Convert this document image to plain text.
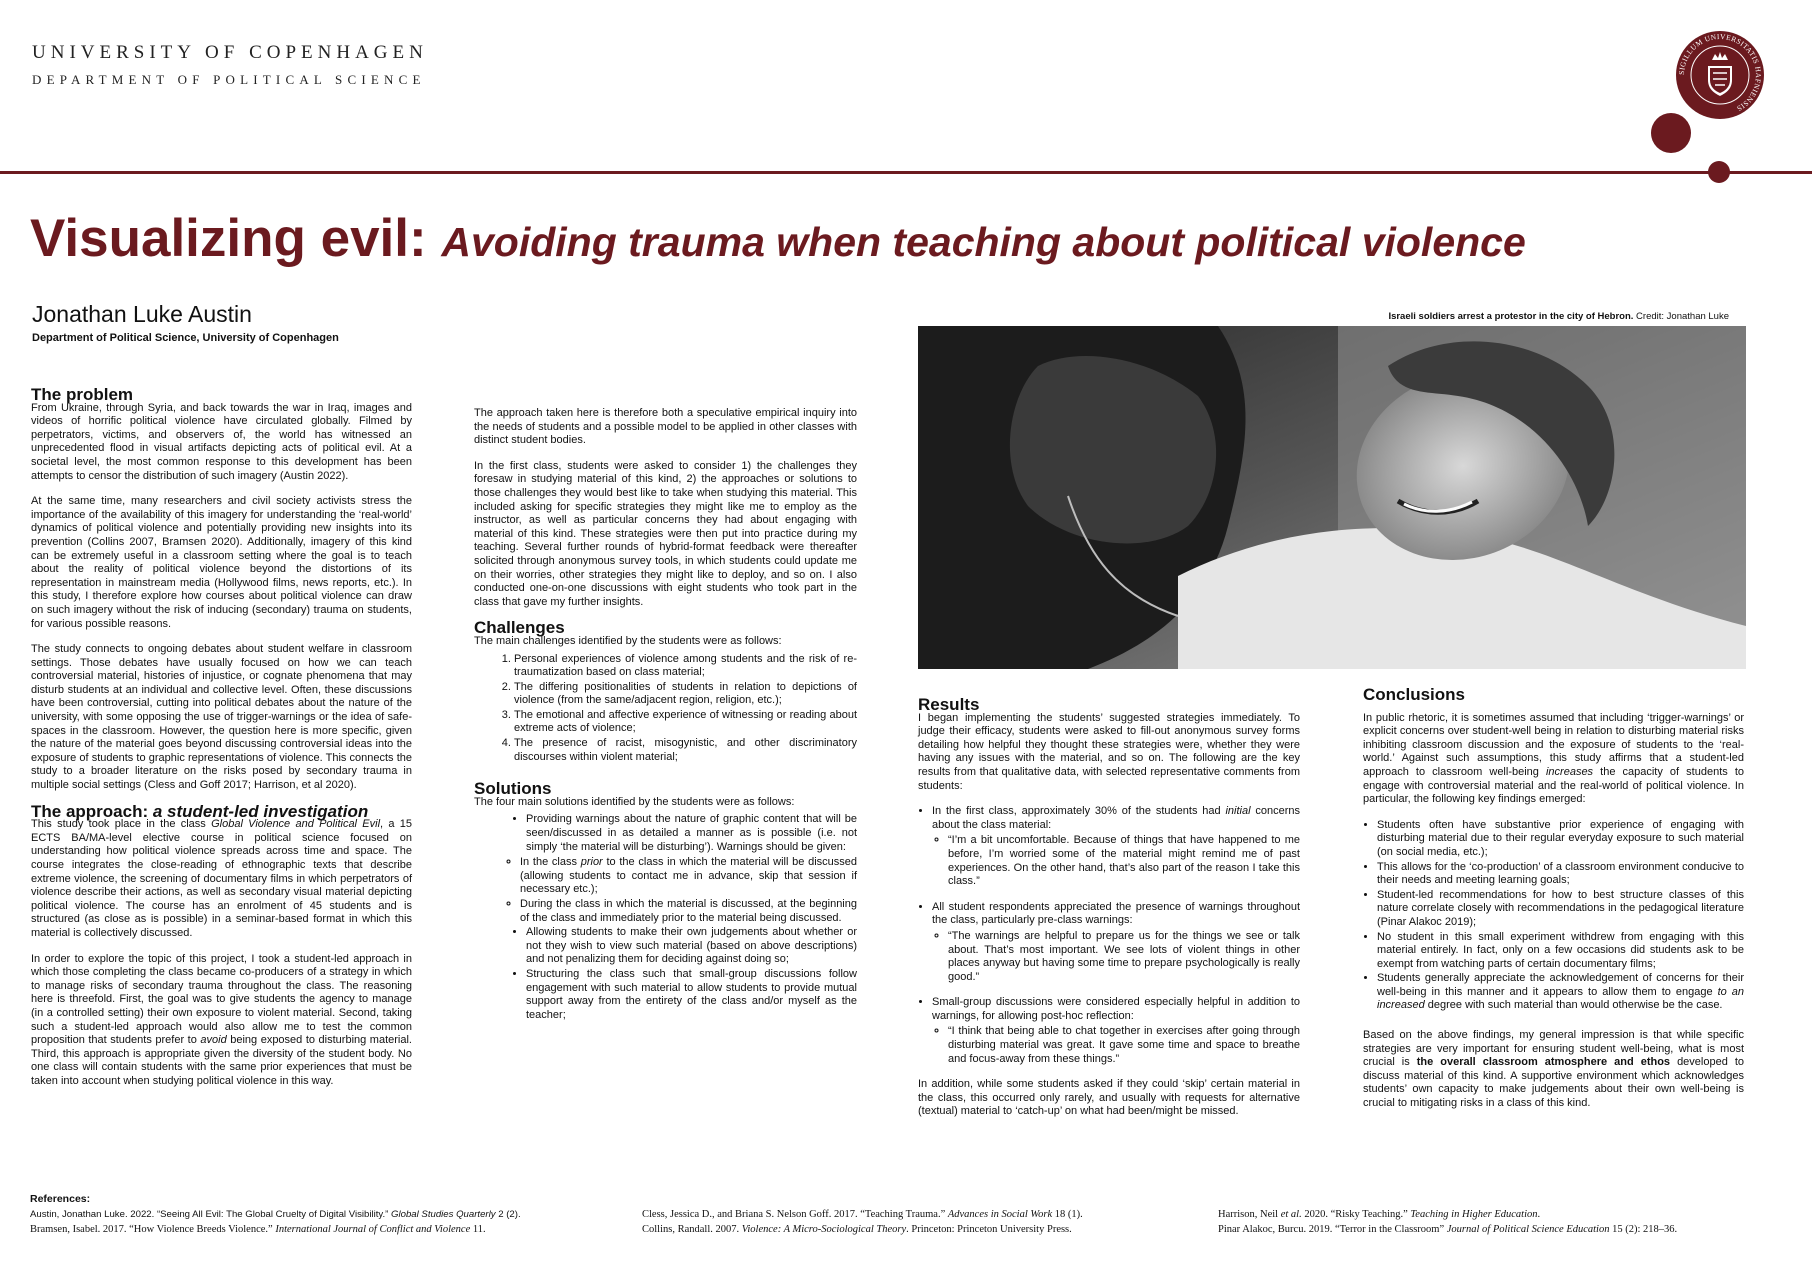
UNIVERSITY OF COPENHAGEN
DEPARTMENT OF POLITICAL SCIENCE	SIGILLUM UNIVERSITATIS HAFNIENSIS
Visualizing evil: Avoiding trauma when teaching about political violence
Jonathan Luke Austin
Department of Political Science, University of Copenhagen
Israeli soldiers arrest a protestor in the city of Hebron. Credit: Jonathan Luke
The problem

From Ukraine, through Syria, and back towards the war in Iraq, images and videos of horrific political violence have circulated globally. Filmed by perpetrators, victims, and observers of, the world has witnessed an unprecedented flood in visual artifacts depicting acts of political evil. At a societal level, the most common response to this development has been attempts to censor the distribution of such imagery (Austin 2022).

At the same time, many researchers and civil society activists stress the importance of the availability of this imagery for understanding the ‘real-world’ dynamics of political violence and potentially providing new insights into its prevention (Collins 2007, Bramsen 2020). Additionally, imagery of this kind can be extremely useful in a classroom setting where the goal is to teach about the reality of political violence beyond the distortions of its representation in mainstream media (Hollywood films, news reports, etc.). In this study, I therefore explore how courses about political violence can draw on such imagery without the risk of inducing (secondary) trauma on students, for various possible reasons.

The study connects to ongoing debates about student welfare in classroom settings. Those debates have usually focused on how we can teach controversial material, histories of injustice, or cognate phenomena that may disturb students at an individual and collective level. Often, these discussions have been controversial, cutting into political debates about the nature of the university, with some opposing the use of trigger-warnings or the idea of safe-spaces in the classroom. However, the question here is more specific, given the nature of the material goes beyond discussing controversial ideas into the exposure of students to graphic representations of violence. This connects the study to a broader literature on the risks posed by secondary trauma in multiple social settings (Cless and Goff 2017; Harrison, et al 2020).

The approach: a student-led investigation

This study took place in the class Global Violence and Political Evil, a 15 ECTS BA/MA-level elective course in political science focused on understanding how political violence spreads across time and space. The course integrates the close-reading of ethnographic texts that describe extreme violence, the screening of documentary films in which perpetrators of violence describe their actions, as well as secondary visual material depicting political violence. The course has an enrolment of 45 students and is structured (as close as is possible) in a seminar-based format in which this material is collectively discussed.

In order to explore the topic of this project, I took a student-led approach in which those completing the class became co-producers of a strategy in which to manage risks of secondary trauma throughout the class. The reasoning here is threefold. First, the goal was to give students the agency to manage (in a controlled setting) their own exposure to violent material. Second, taking such a student-led approach would also allow me to test the common proposition that students prefer to avoid being exposed to disturbing material. Third, this approach is appropriate given the diversity of the student body. No one class will contain students with the same prior experiences that must be taken into account when studying political violence in this way.

The approach taken here is therefore both a speculative empirical inquiry into the needs of students and a possible model to be applied in other classes with distinct student bodies.

In the first class, students were asked to consider 1) the challenges they foresaw in studying material of this kind, 2) the approaches or solutions to those challenges they would best like to take when studying this material. This included asking for specific strategies they might like me to employ as the instructor, as well as particular concerns they had about engaging with material of this kind. These strategies were then put into practice during my teaching. Several further rounds of hybrid-format feedback were thereafter solicited through anonymous survey tools, in which students could update me on their worries, other strategies they might like to deploy, and so on. I also conducted one-on-one discussions with eight students who took part in the class that gave my further insights.

Challenges
The main challenges identified by the students were as follows:
1. Personal experiences of violence among students and the risk of re-traumatization based on class material;
2. The differing positionalities of students in relation to depictions of violence (from the same/adjacent region, religion, etc.);
3. The emotional and affective experience of witnessing or reading about extreme acts of violence;
4. The presence of racist, misogynistic, and other discriminatory discourses within violent material;
Solutions
The four main solutions identified by the students were as follows:
• Providing warnings about the nature of graphic content that will be seen/discussed in as detailed a manner as is possible (i.e. not simply ‘the material will be disturbing’). Warnings should be given:
◦ In the class prior to the class in which the material will be discussed (allowing students to contact me in advance, skip that session if necessary etc.);
◦ During the class in which the material is discussed, at the beginning of the class and immediately prior to the material being discussed.
• Allowing students to make their own judgements about whether or not they wish to view such material (based on above descriptions) and not penalizing them for deciding against doing so;
• Structuring the class such that small-group discussions follow engagement with such material to allow students to provide mutual support away from the entirety of the class and/or myself as the teacher;
Results

I began implementing the students’ suggested strategies immediately. To judge their efficacy, students were asked to fill-out anonymous survey forms detailing how helpful they thought these strategies were, whether they were having any issues with the material, and so on. The following are the key results from that qualitative data, with selected representative comments from students:

• In the first class, approximately 30% of the students had initial concerns about the class material:
◦ “I’m a bit uncomfortable. Because of things that have happened to me before, I’m worried some of the material might remind me of past experiences. On the other hand, that’s also part of the reason I take this class.”
• All student respondents appreciated the presence of warnings throughout the class, particularly pre-class warnings:
◦ “The warnings are helpful to prepare us for the things we see or talk about. That’s most important. We see lots of violent things in other places anyway but having some time to prepare psychologically is really good.”
• Small-group discussions were considered especially helpful in addition to warnings, for allowing post-hoc reflection:
◦ “I think that being able to chat together in exercises after going through disturbing material was great. It gave some time and space to breathe and focus-away from these things.”

In addition, while some students asked if they could ‘skip’ certain material in the class, this occurred only rarely, and usually with requests for alternative (textual) material to ‘catch-up’ on what had been/might be missed.

Conclusions

In public rhetoric, it is sometimes assumed that including ‘trigger-warnings’ or explicit concerns over student-well being in relation to disturbing material risks inhibiting classroom discussion and the exposure of students to the ‘real-world.’ Against such assumptions, this study affirms that a student-led approach to classroom well-being increases the capacity of students to engage with controversial material and the real-world of political violence. In particular, the following key findings emerged:

• Students often have substantive prior experience of engaging with disturbing material due to their regular everyday exposure to such material (on social media, etc.);
• This allows for the ‘co-production’ of a classroom environment conducive to their needs and meeting learning goals;
• Student-led recommendations for how to best structure classes of this nature correlate closely with recommendations in the pedagogical literature (Pinar Alakoc 2019);
• No student in this small experiment withdrew from engaging with this material entirely. In fact, only on a few occasions did students ask to be exempt from watching parts of certain documentary films;
• Students generally appreciate the acknowledgement of concerns for their well-being in this manner and it appears to allow them to engage to an increased degree with such material than would otherwise be the case.

Based on the above findings, my general impression is that while specific strategies are very important for ensuring student well-being, what is most crucial is the overall classroom atmosphere and ethos developed to discuss material of this kind. A supportive environment which acknowledges students’ own capacity to make judgements about their own well-being is crucial to mitigating risks in a class of this kind.

References:
Austin, Jonathan Luke. 2022. “Seeing All Evil: The Global Cruelty of Digital Visibility.” Global Studies Quarterly 2 (2).
Bramsen, Isabel. 2017. “How Violence Breeds Violence.” International Journal of Conflict and Violence 11.
Cless, Jessica D., and Briana S. Nelson Goff. 2017. “Teaching Trauma.” Advances in Social Work 18 (1).
Collins, Randall. 2007. Violence: A Micro-Sociological Theory. Princeton: Princeton University Press.
Harrison, Neil et al. 2020. “Risky Teaching.” Teaching in Higher Education.
Pinar Alakoc, Burcu. 2019. “Terror in the Classroom” Journal of Political Science Education 15 (2): 218–36.
